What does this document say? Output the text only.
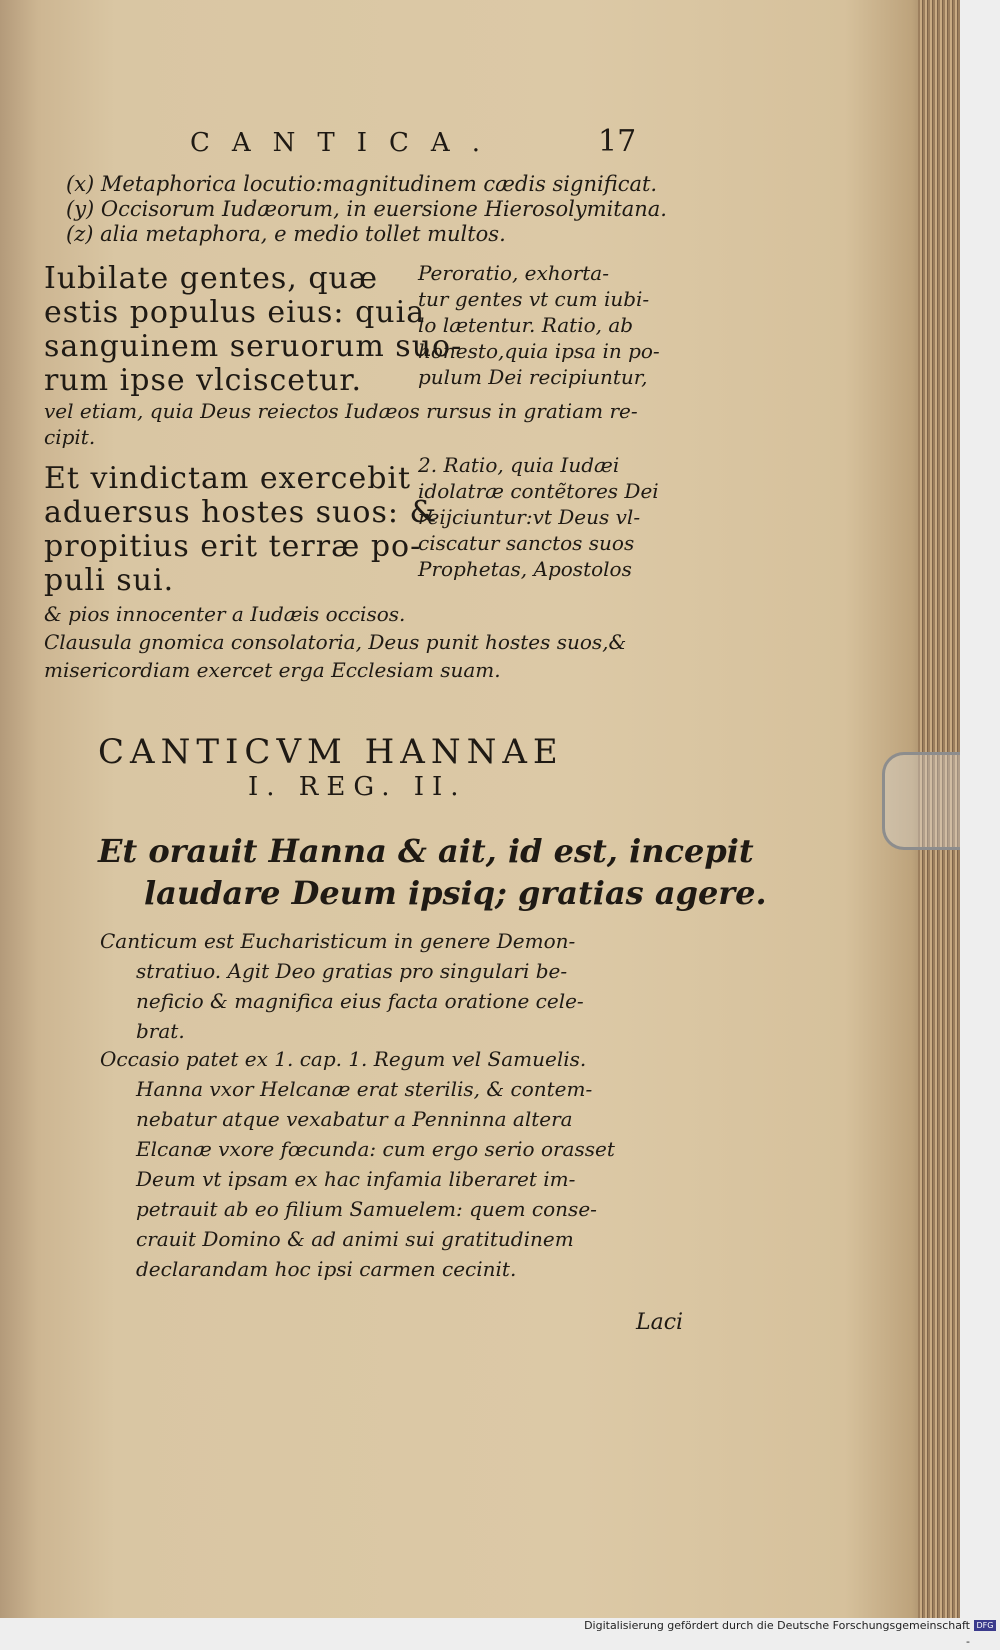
CANTICA.	17
(x) Metaphorica locutio:magnitudinem cædis significat.
(y) Occisorum Iudæorum, in euersione Hierosolymitana.
(z) alia metaphora, e medio tollet multos.
Iubilate gentes, quæ
estis populus eius: quia
sanguinem seruorum suo-
rum ipse vlciscetur.
Peroratio, exhorta-
tur gentes vt cum iubi-
lo lætentur. Ratio, ab
honesto,quia ipsa in po-
pulum Dei recipiuntur,
vel etiam, quia Deus reiectos Iudæos rursus in gratiam re-
cipit.
Et vindictam exercebit
aduersus hostes suos: &
propitius erit terræ po-
puli sui.
2. Ratio, quia Iudæi
idolatræ contẽtores Dei
reijciuntur:vt Deus vl-
ciscatur sanctos suos
Prophetas, Apostolos
& pios innocenter a Iudæis occisos.
Clausula gnomica consolatoria, Deus punit hostes suos,&
misericordiam exercet erga Ecclesiam suam.
CANTICVM HANNAE
I. REG. II.
Et orauit Hanna & ait, id est, incepit
laudare Deum ipsiq; gratias agere.
Canticum est Eucharisticum in genere Demon-
stratiuo. Agit Deo gratias pro singulari be-
neficio & magnifica eius facta oratione cele-
brat.
Occasio patet ex 1. cap. 1. Regum vel Samuelis.
Hanna vxor Helcanæ erat sterilis, & contem-
nebatur atque vexabatur a Penninna altera
Elcanæ vxore fœcunda: cum ergo serio orasset
Deum vt ipsam ex hac infamia liberaret im-
petrauit ab eo filium Samuelem: quem conse-
crauit Domino & ad animi sui gratitudinem
declarandam hoc ipsi carmen cecinit.
Laci
Digitalisierung gefördert durch die Deutsche Forschungsgemeinschaft -
DFG
